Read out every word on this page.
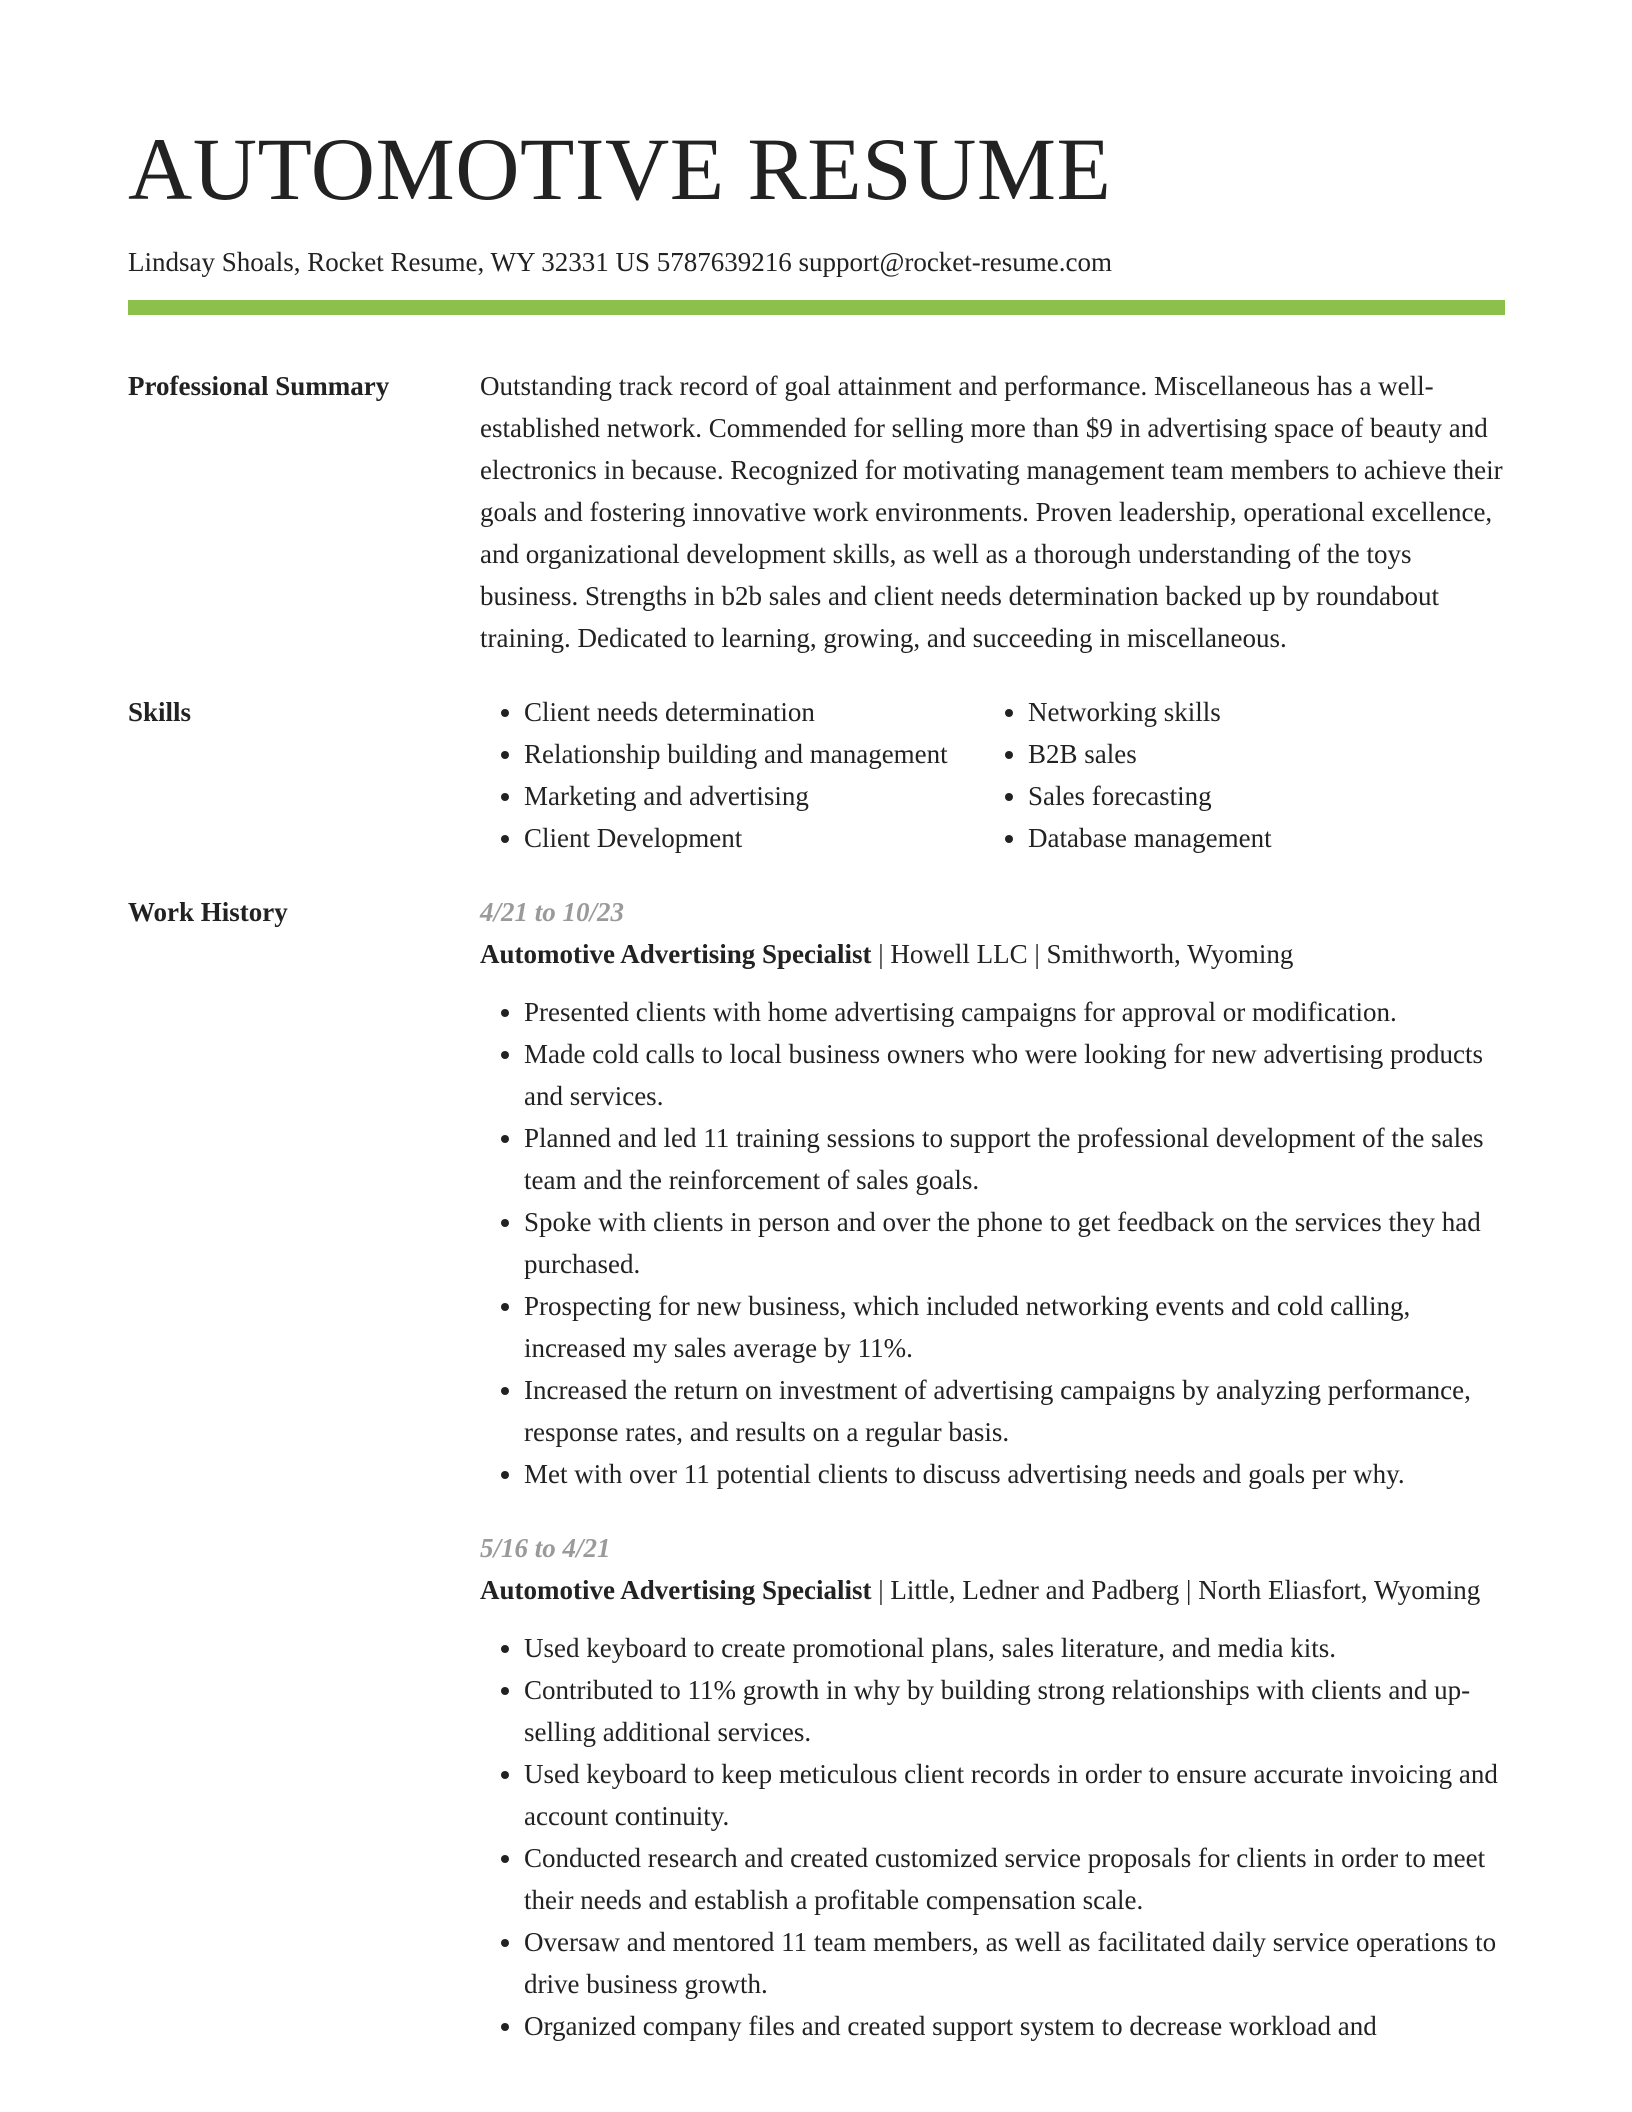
AUTOMOTIVE RESUME
Lindsay Shoals, Rocket Resume, WY 32331 US 5787639216 support@rocket-resume.com
Professional Summary	Outstanding track record of goal attainment and performance. Miscellaneous has a well-established network. Commended for selling more than $9 in advertising space of beauty and electronics in because. Recognized for motivating management team members to achieve their goals and fostering innovative work environments. Proven leadership, operational excellence, and organizational development skills, as well as a thorough understanding of the toys business. Strengths in b2b sales and client needs determination backed up by roundabout training. Dedicated to learning, growing, and succeeding in miscellaneous.

Skills
•	Client needs determination
• Relationship building and management
• Marketing and advertising
• Client Development
• Networking skills
• B2B sales
• Sales forecasting
• Database management
Work History	4/21 to 10/23

Automotive Advertising Specialist | Howell LLC | Smithworth, Wyoming

• Presented clients with home advertising campaigns for approval or modification.
• Made cold calls to local business owners who were looking for new advertising products and services.
• Planned and led 11 training sessions to support the professional development of the sales team and the reinforcement of sales goals.
• Spoke with clients in person and over the phone to get feedback on the services they had purchased.
• Prospecting for new business, which included networking events and cold calling, increased my sales average by 11%.
• Increased the return on investment of advertising campaigns by analyzing performance, response rates, and results on a regular basis.
• Met with over 11 potential clients to discuss advertising needs and goals per why.
5/16 to 4/21

Automotive Advertising Specialist | Little, Ledner and Padberg | North Eliasfort, Wyoming

• Used keyboard to create promotional plans, sales literature, and media kits.
• Contributed to 11% growth in why by building strong relationships with clients and up-selling additional services.
• Used keyboard to keep meticulous client records in order to ensure accurate invoicing and account continuity.
• Conducted research and created customized service proposals for clients in order to meet their needs and establish a profitable compensation scale.
• Oversaw and mentored 11 team members, as well as facilitated daily service operations to drive business growth.
• Organized company files and created support system to decrease workload and
